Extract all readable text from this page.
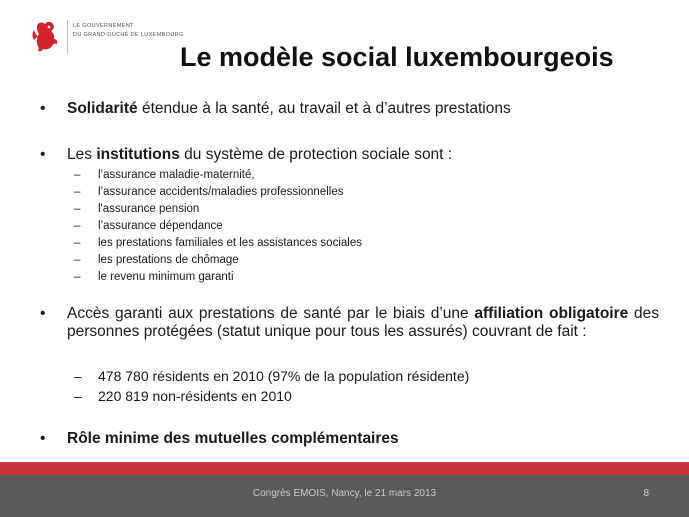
LE GOUVERNEMENT
DU GRAND-DUCHÉ DE LUXEMBOURG
Le modèle social luxembourgeois
• Solidarité étendue à la santé, au travail et à d’autres prestations
• Les institutions du système de protection sociale sont :
– l’assurance maladie-maternité,
– l’assurance accidents/maladies professionnelles
– l'assurance pension
– l’assurance dépendance
– les prestations familiales et les assistances sociales
– les prestations de chômage
– le revenu minimum garanti
• Accès garanti aux prestations de santé par le biais d’une affiliation obligatoire des personnes protégées (statut unique pour tous les assurés) couvrant de fait :
– 478 780 résidents en 2010 (97% de la population résidente)
– 220 819 non-résidents en 2010
• Rôle minime des mutuelles complémentaires
Congrès EMOIS, Nancy, le 21 mars 2013	8
